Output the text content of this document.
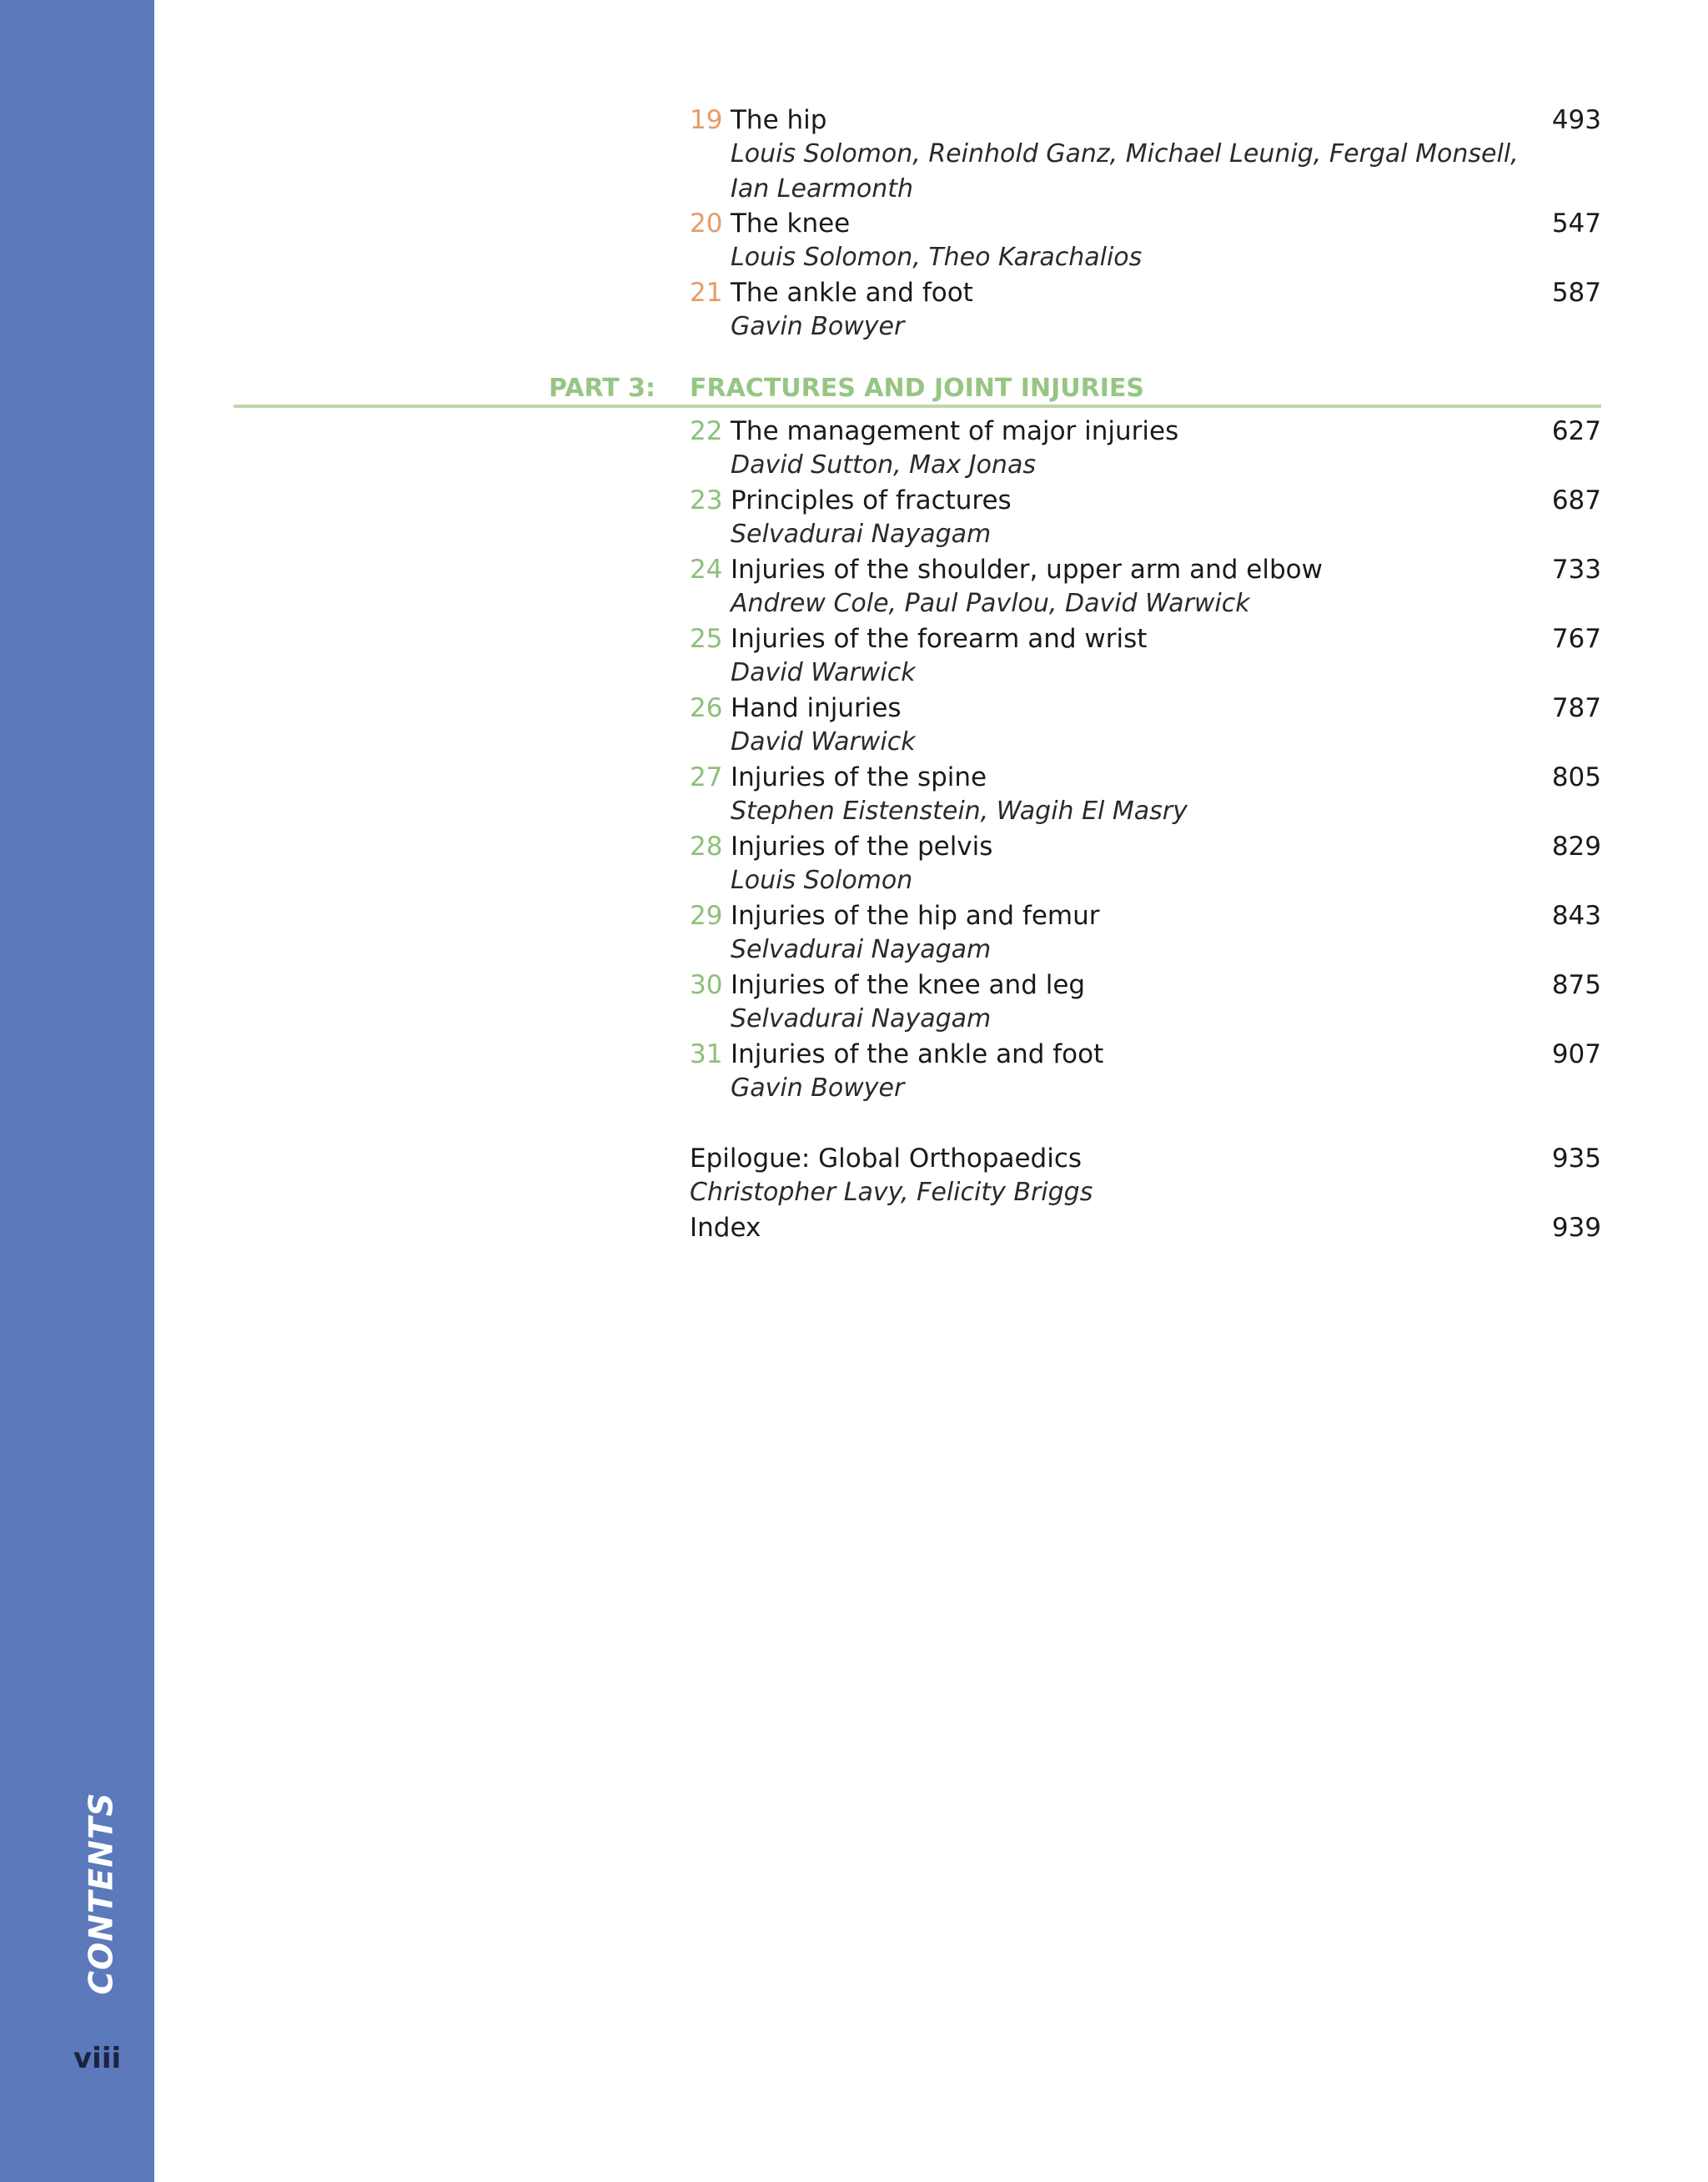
CONTENTS
viii
19 The hip	493
Louis Solomon, Reinhold Ganz, Michael Leunig, Fergal Monsell,
Ian Learmonth
20 The knee	547
Louis Solomon, Theo Karachalios
21 The ankle and foot	587
Gavin Bowyer
PART 3: FRACTURES AND JOINT INJURIES
22 The management of major injuries	627
David Sutton, Max Jonas
23 Principles of fractures	687
Selvadurai Nayagam
24 Injuries of the shoulder, upper arm and elbow	733
Andrew Cole, Paul Pavlou, David Warwick
25 Injuries of the forearm and wrist	767
David Warwick
26 Hand injuries	787
David Warwick
27 Injuries of the spine	805
Stephen Eistenstein, Wagih El Masry
28 Injuries of the pelvis	829
Louis Solomon
29 Injuries of the hip and femur	843
Selvadurai Nayagam
30 Injuries of the knee and leg	875
Selvadurai Nayagam
31 Injuries of the ankle and foot	907
Gavin Bowyer
Epilogue: Global Orthopaedics	935
Christopher Lavy, Felicity Briggs
Index	939
